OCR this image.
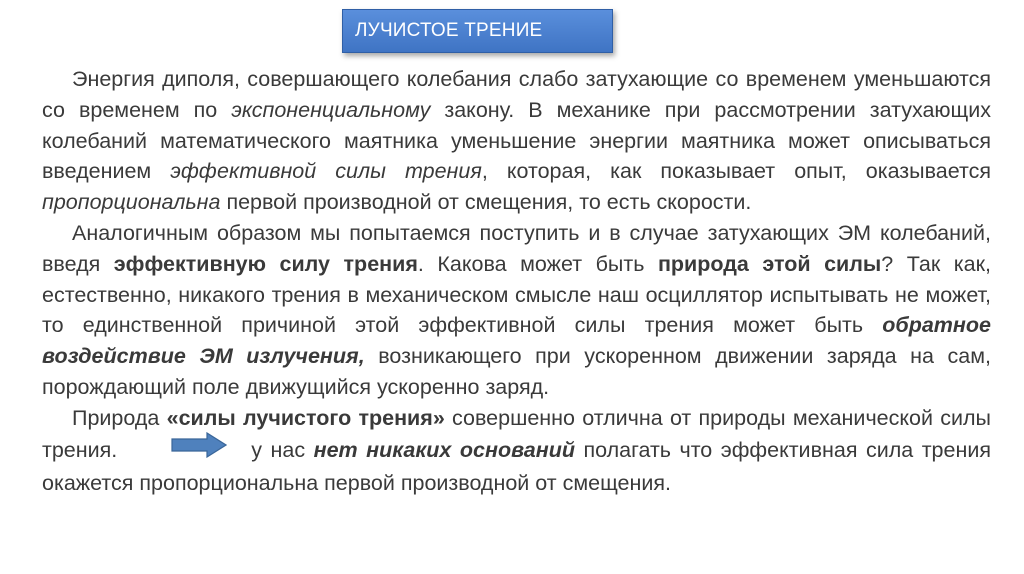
ЛУЧИСТОЕ ТРЕНИЕ

Энергия диполя, совершающего колебания слабо затухающие со временем уменьшаются со временем по экспоненциальному закону. В механике при рассмотрении затухающих колебаний математического маятника уменьшение энергии маятника может описываться введением эффективной силы трения, которая, как показывает опыт, оказывается пропорциональна первой производной от смещения, то есть скорости.

Аналогичным образом мы попытаемся поступить и в случае затухающих ЭМ колебаний, введя эффективную силу трения. Какова может быть природа этой силы? Так как, естественно, никакого трения в механическом смысле наш осциллятор испытывать не может, то единственной причиной этой эффективной силы трения может быть обратное воздействие ЭМ излучения, возникающего при ускоренном движении заряда на сам, порождающий поле движущийся ускоренно заряд.

Природа «силы лучистого трения» совершенно отлична от природы механической силы трения.	у нас нет никаких оснований полагать что эффективная сила трения окажется пропорциональна первой производной от смещения.
